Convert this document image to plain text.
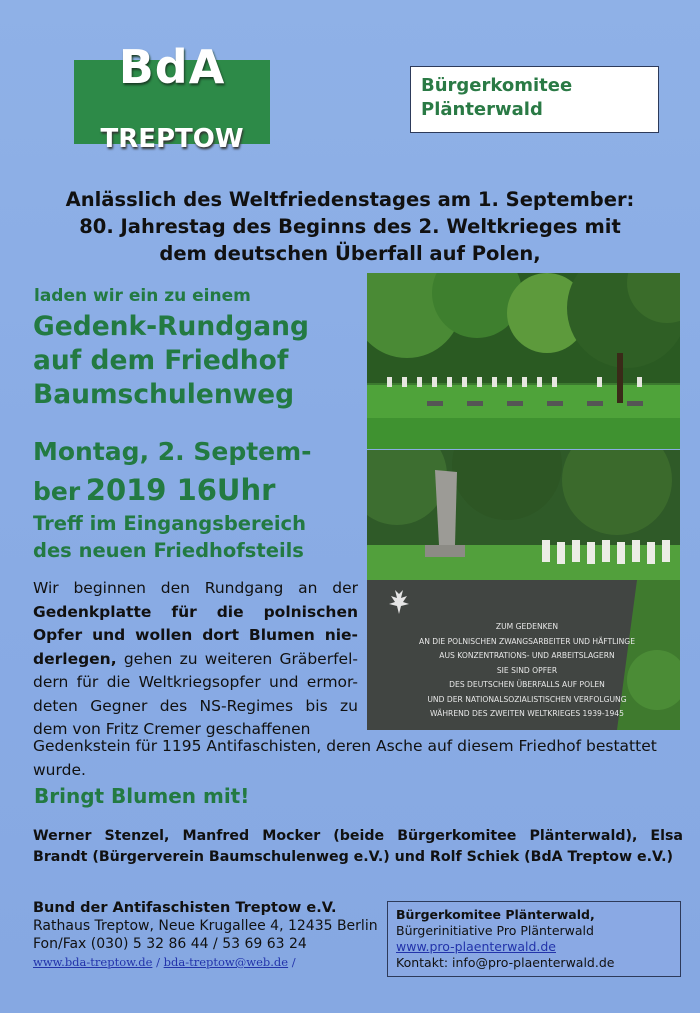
BdA
TREPTOW
Bürgerkomitee
Plänterwald
Anlässlich des Weltfriedenstages am 1. September:
80. Jahrestag des Beginns des 2. Weltkrieges mit
dem deutschen Überfall auf Polen,
laden wir ein zu einem
Gedenk-Rundgang
auf dem Friedhof
Baumschulenweg
Montag, 2. Septem-
ber 2019 16Uhr
Treff im Eingangsbereich
des neuen Friedhofsteils
Wir beginnen den Rundgang an der Gedenkplatte für die polnischen Opfer und wollen dort Blumen nie-derlegen, gehen zu weiteren Gräberfel-dern für die Weltkriegsopfer und ermor-deten Gegner des NS-Regimes bis zu dem von Fritz Cremer geschaffenen
Gedenkstein für 1195 Antifaschisten, deren Asche auf diesem Friedhof bestattet wurde.
Bringt Blumen mit!
Werner Stenzel, Manfred Mocker (beide Bürgerkomitee Plänterwald), Elsa Brandt (Bürgerverein Baumschulenweg e.V.) und Rolf Schiek (BdA Treptow e.V.)
Bund der Antifaschisten Treptow e.V.
Rathaus Treptow, Neue Krugallee 4, 12435 Berlin
Fon/Fax (030) 5 32 86 44 / 53 69 63 24
www.bda-treptow.de / bda-treptow@web.de /
Bürgerkomitee Plänterwald,
Bürgerinitiative Pro Plänterwald
www.pro-plaenterwald.de
Kontakt: info@pro-plaenterwald.de
ZUM GEDENKEN
AN DIE POLNISCHEN ZWANGSARBEITER UND HÄFTLINGE
AUS KONZENTRATIONS- UND ARBEITSLAGERN
SIE SIND OPFER
DES DEUTSCHEN ÜBERFALLS AUF POLEN
UND DER NATIONALSOZIALISTISCHEN VERFOLGUNG
WÄHREND DES ZWEITEN WELTKRIEGES 1939-1945
